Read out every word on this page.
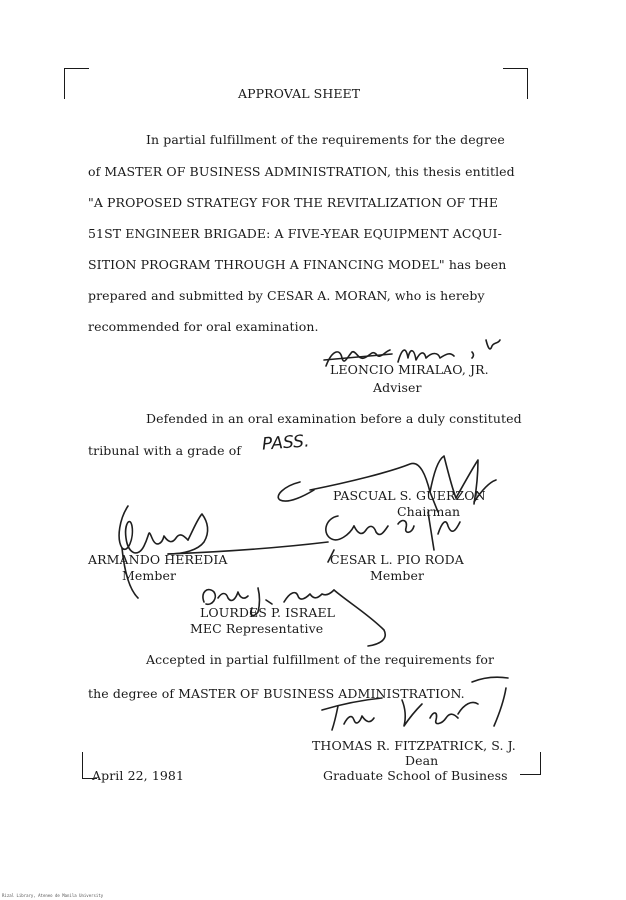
APPROVAL SHEET
In partial fulfillment of the requirements for the degree
of MASTER OF BUSINESS ADMINISTRATION, this thesis entitled
"A PROPOSED STRATEGY FOR THE REVITALIZATION OF THE
51ST ENGINEER BRIGADE: A FIVE-YEAR EQUIPMENT ACQUI-
SITION PROGRAM THROUGH A FINANCING MODEL" has been
prepared and submitted by CESAR A. MORAN, who is hereby
recommended for oral examination.
LEONCIO MIRALAO, JR.
Adviser
Defended in an oral examination before a duly constituted
tribunal with a grade of PASS.
PASCUAL S. GUERZON
Chairman
ARMANDO HEREDIA
Member
CESAR L. PIO RODA
Member
LOURDES P. ISRAEL
MEC Representative
Accepted in partial fulfillment of the requirements for
the degree of MASTER OF BUSINESS ADMINISTRATION.
THOMAS R. FITZPATRICK, S. J.
Dean
Graduate School of Business
April 22, 1981
Rizal Library, Ateneo de Manila University
